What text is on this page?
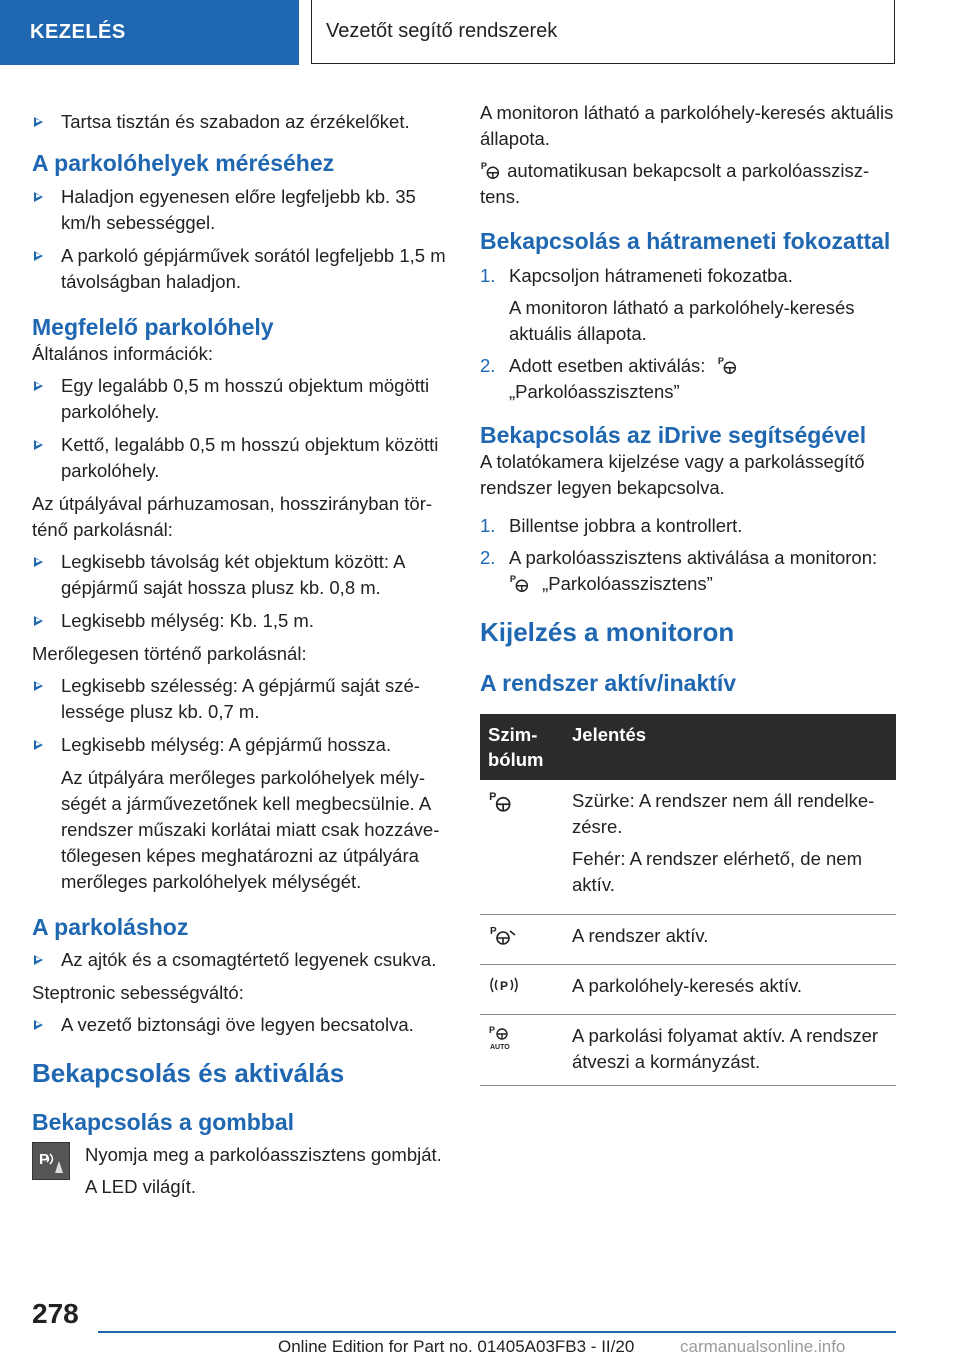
KEZELÉS	Vezetőt segítő rendszerek
Tartsa tisztán és szabadon az érzékelőket.
A parkolóhelyek méréséhez
Haladjon egyenesen előre legfeljebb kb. 35 km/h sebességgel.
A parkoló gépjárművek sorától legfeljebb 1,5 m távolságban haladjon.
Megfelelő parkolóhely

Általános információk:

Egy legalább 0,5 m hosszú objektum mögötti parkolóhely.
Kettő, legalább 0,5 m hosszú objektum közötti parkolóhely.

Az útpályával párhuzamosan, hosszirányban történő parkolásnál:

Legkisebb távolság két objektum között: A gépjármű saját hossza plusz kb. 0,8 m.
Legkisebb mélység: Kb. 1,5 m.

Merőlegesen történő parkolásnál:

Legkisebb szélesség: A gépjármű saját szélessége plusz kb. 0,7 m.
Legkisebb mélység: A gépjármű hossza.

Az útpályára merőleges parkolóhelyek mélységét a járművezetőnek kell megbecsülnie. A rendszer műszaki korlátai miatt csak hozzávetőlegesen képes meghatározni az útpályára merőleges parkolóhelyek mélységét.

A parkoláshoz
Az ajtók és a csomagtértető legyenek csukva.

Steptronic sebességváltó:

A vezető biztonsági öve legyen becsatolva.
Bekapcsolás és aktiválás
Bekapcsolás a gombbal
P Nyomja meg a parkolóasszisztens gombját.

A LED világít.

A monitoron látható a parkolóhely-keresés aktuális állapota.

P automatikusan bekapcsolt a parkolóasszisztens.

Bekapcsolás a hátrameneti fokozattal
1. Kapcsoljon hátrameneti fokozatba.

A monitoron látható a parkolóhely-keresés aktuális állapota.

2. Adott esetben aktiválás: P

„Parkolóasszisztens”
Bekapcsolás az iDrive segítségével

A tolatókamera kijelzése vagy a parkolássegítő rendszer legyen bekapcsolva.

1. Billentse jobbra a kontrollert.
2. A parkolóasszisztens aktiválása a monitoron:

P „Parkolóasszisztens”
Kijelzés a monitoron
A rendszer aktív/inaktív
Szimbólum	Jelentés

P	Szürke: A rendszer nem áll rendelkezésre.

Fehér: A rendszer elérhető, de nem aktív.

P	A rendszer aktív.

P	A parkolóhely-keresés aktív.

P
AUTO	A parkolási folyamat aktív. A rendszer átveszi a kormányzást.
278
Online Edition for Part no. 01405A03FB3 - II/20	carmanualsonline.info
